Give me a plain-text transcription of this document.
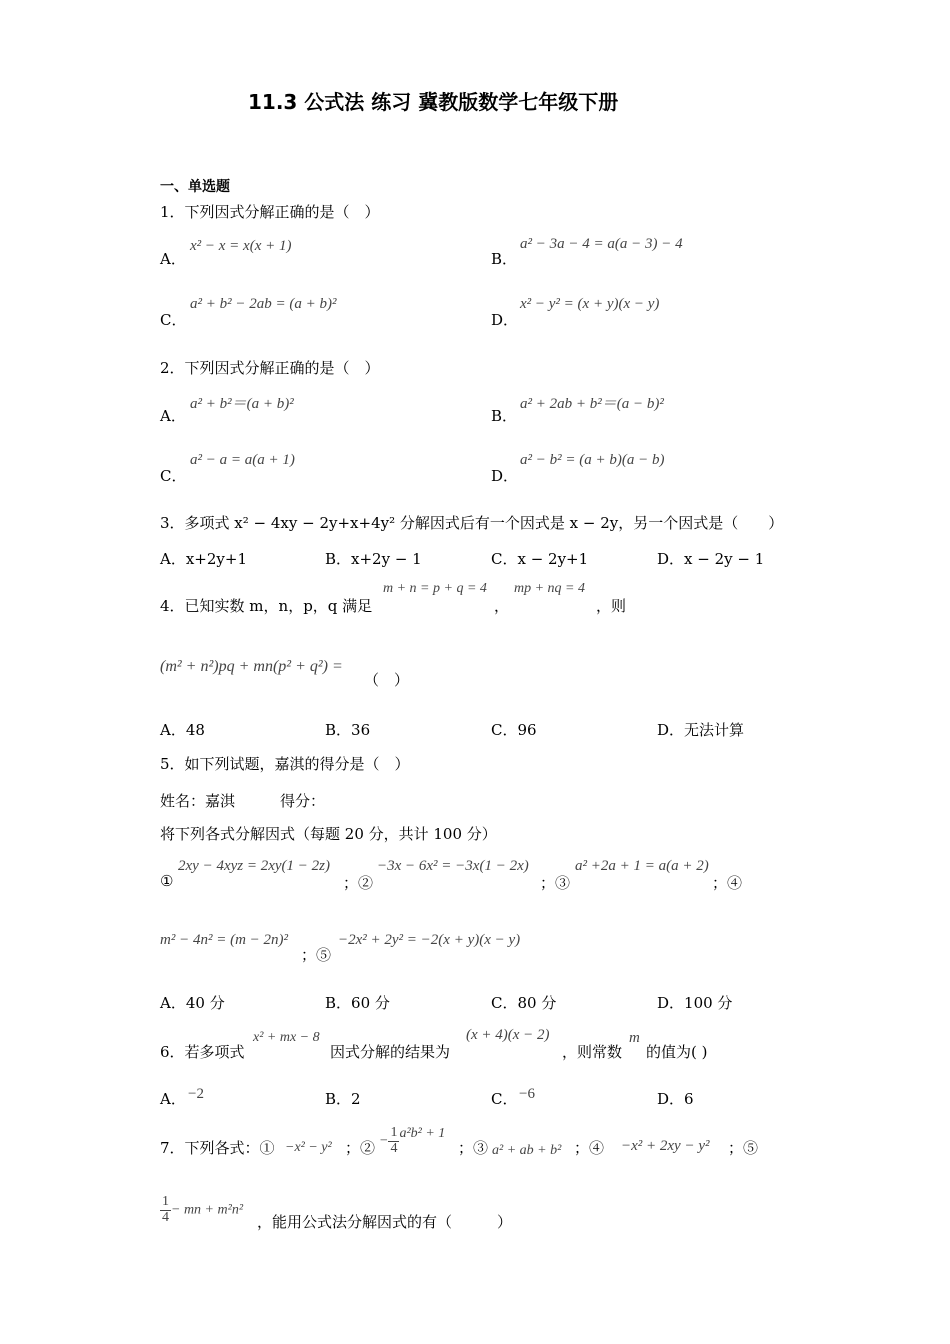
11.3 公式法 练习 冀教版数学七年级下册
一、单选题
1．下列因式分解正确的是（　）
A．
x² − x = x(x + 1)
B．
a² − 3a − 4 = a(a − 3) − 4
C．
a² + b² − 2ab = (a + b)²
D．
x² − y² = (x + y)(x − y)
2．下列因式分解正确的是（　）
A．
a² + b²＝(a + b)²
B．
a² + 2ab + b²＝(a − b)²
C．
a² − a = a(a + 1)
D．
a² − b² = (a + b)(a − b)
3．多项式 x² − 4xy − 2y+x+4y² 分解因式后有一个因式是 x − 2y，另一个因式是（　　）
A．x+2y+1	B．x+2y − 1	C．x − 2y+1	D．x − 2y − 1
4．已知实数 m，n，p，q 满足
m + n = p + q = 4
，
mp + nq = 4
，则
(m² + n²)pq + mn(p² + q²) =
（　）
A．48	B．36	C．96	D．无法计算
5．如下列试题，嘉淇的得分是（　）
姓名：嘉淇　　　得分：
将下列各式分解因式（每题 20 分，共计 100 分）
①
2xy − 4xyz = 2xy(1 − 2z)
；②
−3x − 6x² = −3x(1 − 2x)
；③
a² +2a + 1 = a(a + 2)
；④
m² − 4n² = (m − 2n)²
；⑤
−2x² + 2y² = −2(x + y)(x − y)
A．40 分	B．60 分	C．80 分	D．100 分
6．若多项式
x² + mx − 8
因式分解的结果为
(x + 4)(x − 2)
，则常数
m
的值为( )
A． −2	B．2	C． −6	D．6
7．下列各式：① −x² − y² ；② − $\frac{1}{4} a^2b^2 + 1$
；③ a² + ab + b² ；④ −x² + 2xy − y² ；⑤
$\frac{1}{4}$ − mn + m²n²
，能用公式法分解因式的有（　　　）
